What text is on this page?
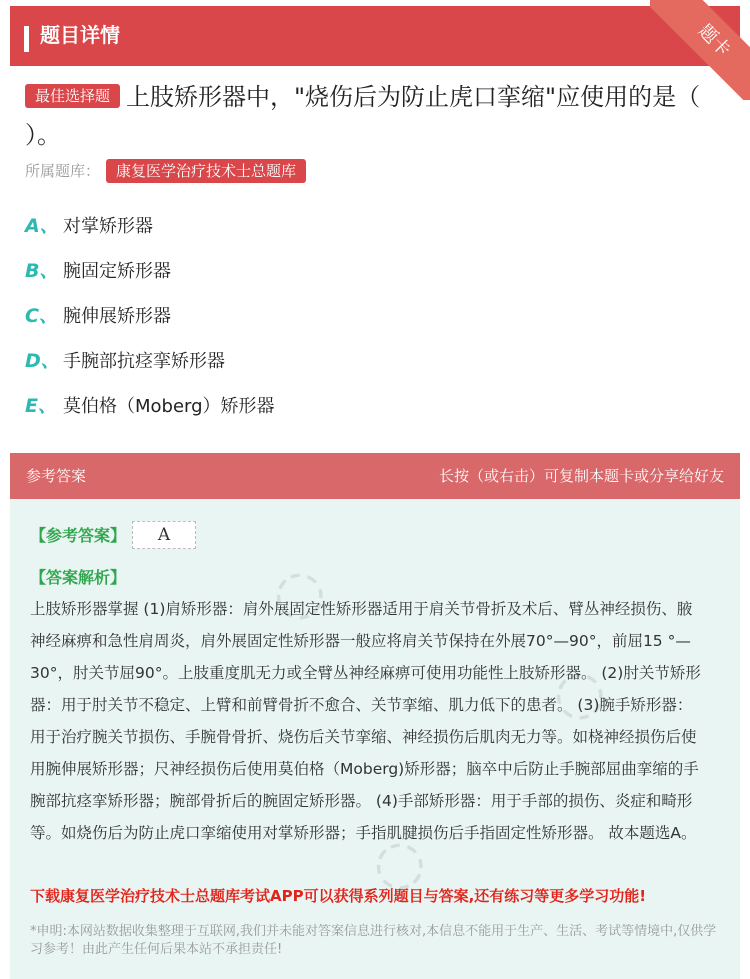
题目详情	题卡
最佳选择题 上肢矫形器中，"烧伤后为防止虎口挛缩"应使用的是（ ）。
所属题库： 康复医学治疗技术士总题库
A、 对掌矫形器
B、 腕固定矫形器
C、 腕伸展矫形器
D、 手腕部抗痉挛矫形器
E、 莫伯格（Moberg）矫形器
参考答案	长按（或右击）可复制本题卡或分享给好友
◌
◌
◌
【参考答案】	A
【答案解析】
上肢矫形器掌握 (1)肩矫形器：肩外展固定性矫形器适用于肩关节骨折及术后、臂丛神经损伤、腋神经麻痹和急性肩周炎，肩外展固定性矫形器一般应将肩关节保持在外展70°—90°，前屈15 °— 30°，肘关节屈90°。上肢重度肌无力或全臂丛神经麻痹可使用功能性上肢矫形器。 (2)肘关节矫形器：用于肘关节不稳定、上臂和前臂骨折不愈合、关节挛缩、肌力低下的患者。 (3)腕手矫形器：用于治疗腕关节损伤、手腕骨骨折、烧伤后关节挛缩、神经损伤后肌肉无力等。如桡神经损伤后使用腕伸展矫形器；尺神经损伤后使用莫伯格（Moberg)矫形器；脑卒中后防止手腕部屈曲挛缩的手腕部抗痉挛矫形器；腕部骨折后的腕固定矫形器。 (4)手部矫形器：用于手部的损伤、炎症和畸形等。如烧伤后为防止虎口挛缩使用对掌矫形器；手指肌腱损伤后手指固定性矫形器。 故本题选A。
下载康复医学治疗技术士总题库考试APP可以获得系列题目与答案,还有练习等更多学习功能!
*申明:本网站数据收集整理于互联网,我们并未能对答案信息进行核对,本信息不能用于生产、生活、考试等情境中,仅供学习参考！由此产生任何后果本站不承担责任!
